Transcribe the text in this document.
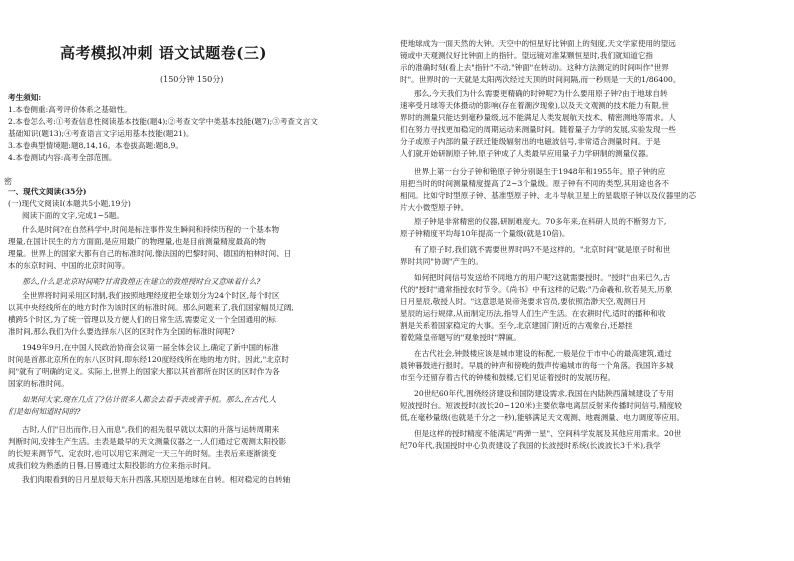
高考模拟冲刺 语文试题卷(三)
(150分钟 150分)
密
考生须知:
1.本卷侧重:高考评价体系之基础性。
2.本卷怎么考:①考查信息性阅读基本技能(题4);②考查文学中类基本技能(题7);③考查文言文
基础知识(题13);④考查语言文字运用基本技能(题21)。
3.本卷典型情境题:题8,14,16。本卷拔高题:题8,9。
4.本卷测试内容:高考全部范围。
一、现代文阅读(35分)
(一)现代文阅读Ⅰ(本题共5小题,19分)
阅读下面的文字,完成1~5题。
什么是时间?在自然科学中,时间是标注事件发生瞬间和持续历程的一个基本物
理量,在国计民生的方方面面,是应用最广的物理量,也是目前测量精度最高的物
理量。世界上的国家大都有自己的标准时间,像法国的巴黎时间、德国的柏林时间、日
本的东京时间、中国的北京时间等。
那么,什么是北京时间呢?甘肃敦煌正在建立的敦煌授时台又意味着什么?
全世界将时间采用区时制,我们按照地理经度把全球划分为24个时区,每个时区
以其中央经线所在的地方时作为该时区的标准时间。那么问题来了,我们国家幅员辽阔,
横跨5个时区,为了统一管理以及方便人们的日常生活,需要定义一个全国通用的标
准时间,那么我们为什么要选择东八区的区时作为全国的标准时间呢?
1949年9月,在中国人民政治协商会议第一届全体会议上,确定了新中国的标准
时间是首都北京所在的东八区时间,即东经120度经线所在地的地方时。因此,"北京时
间"就有了明确的定义。实际上,世界上的国家大都以其首都所在时区的区时作为各
国家的标准时间。
如果问大家,现在几点了?估计很多人都会去看手表或者手机。那么,在古代,人
们是如何知道时间的?
古时,人们"日出而作,日入而息",我们的祖先很早就以太阳的升落与运转周期来
判断时间,安排生产生活。圭表是最早的天文测量仪器之一,人们通过它观测太阳投影
的长短来测节气、定农时,也可以用它来测定一天三午的时刻。圭表后来逐渐演变
成我们较为熟悉的日晷,日晷通过太阳投影的方位来指示时间。
我们肉眼看到的日月星辰每天东升西落,其原因是地球在自转。相对稳定的自转轴
使地球成为一面天然的大钟。天空中的恒星好比钟面上的刻度,天文学家使用的望远
镜或中天观测仪好比钟面上的指针。望远镜对准某颗恒星时,我们就知道它指
示的准确时刻(看上去"指针"不动,"钟面"在转动)。这种方法测定的时间叫作"世界
时"。世界时的一天就是太阳两次经过天顶的时间间隔,而一秒则是一天的1/86400。
那么,今天我们为什么需要更精确的时钟呢?为什么要用原子钟?由于地球自转
速率受月球等天体摄动的影响(存在着潮汐现象),以及天文观测的技术能力有限,世
界时的测量只能达到毫秒量级,远不能满足人类发展航天技术、精密测地等需求。人
们在努力寻找更加稳定的周期运动来测量时间。随着量子力学的发展,实验发现一些
分子或原子内部的量子跃迁能级辐射出的电磁波信号,非常适合测量时间。于是
人们就开始研制原子钟,原子钟成了人类最早应用量子力学研制的测量仪器。
世界上第一台分子钟和铯原子钟分别诞生于1948年和1955年。原子钟的应
用把当时的时间测量精度提高了2~3个量级。原子钟有不同的类型,其用途也各不
相同。比如守时型原子钟、基准型原子钟、北斗导航卫星上的星载原子钟以及仪器里的芯
片大小微型原子钟。
原子钟是非常精密的仪器,研制难度大。70多年来,在科研人员的不断努力下,
原子钟精度平均每10年提高一个量级(就是10倍)。
有了原子时,我们就不需要世界时吗?不是这样的。"北京时间"就是原子时和世
界时共同"协调"产生的。
如何把时间信号发送给不同地方的用户呢?这就需要授时。"授时"由来已久,古
代的"授时"通常指授农时节令。《尚书》中有这样的记载:"乃命羲和,钦若昊天,历象
日月星辰,敬授人时。"这意思是说帝尧要求官员,要依照浩渺天空,观测日月
星辰的运行规律,从而制定历法,指导人们生产生活。在农耕时代,适时的播种和收
割是关系着国家稳定的大事。至今,北京建国门附近的古观象台,还悬挂
着乾隆皇帝题写的"观象授时"牌匾。
在古代社会,钟鼓楼应该是城市建设的标配,一般是位于市中心的最高建筑,通过
晨钟暮鼓进行报时。早晨的钟声和傍晚的鼓声传遍城市的每一个角落。我国许多城
市至今还留存着古代的钟楼和鼓楼,它们见证着授时的发展历程。
20世纪60年代,围绕经济建设和国防建设需求,我国在内陆陕西蒲城建设了专用
短波授时台。短波授时(波长20~120米)主要依靠电离层反射来传播时间信号,精度较
低,在毫秒量级(也就是千分之一秒),能够满足天文观测、地震测量、电力调度等应用。
但是这样的授时精度不能满足"两弹一星"、空间科学发展及其他应用需求。20世
纪70年代,我国授时中心负责建设了我国的长波授时系统(长波波长3千米),我学
